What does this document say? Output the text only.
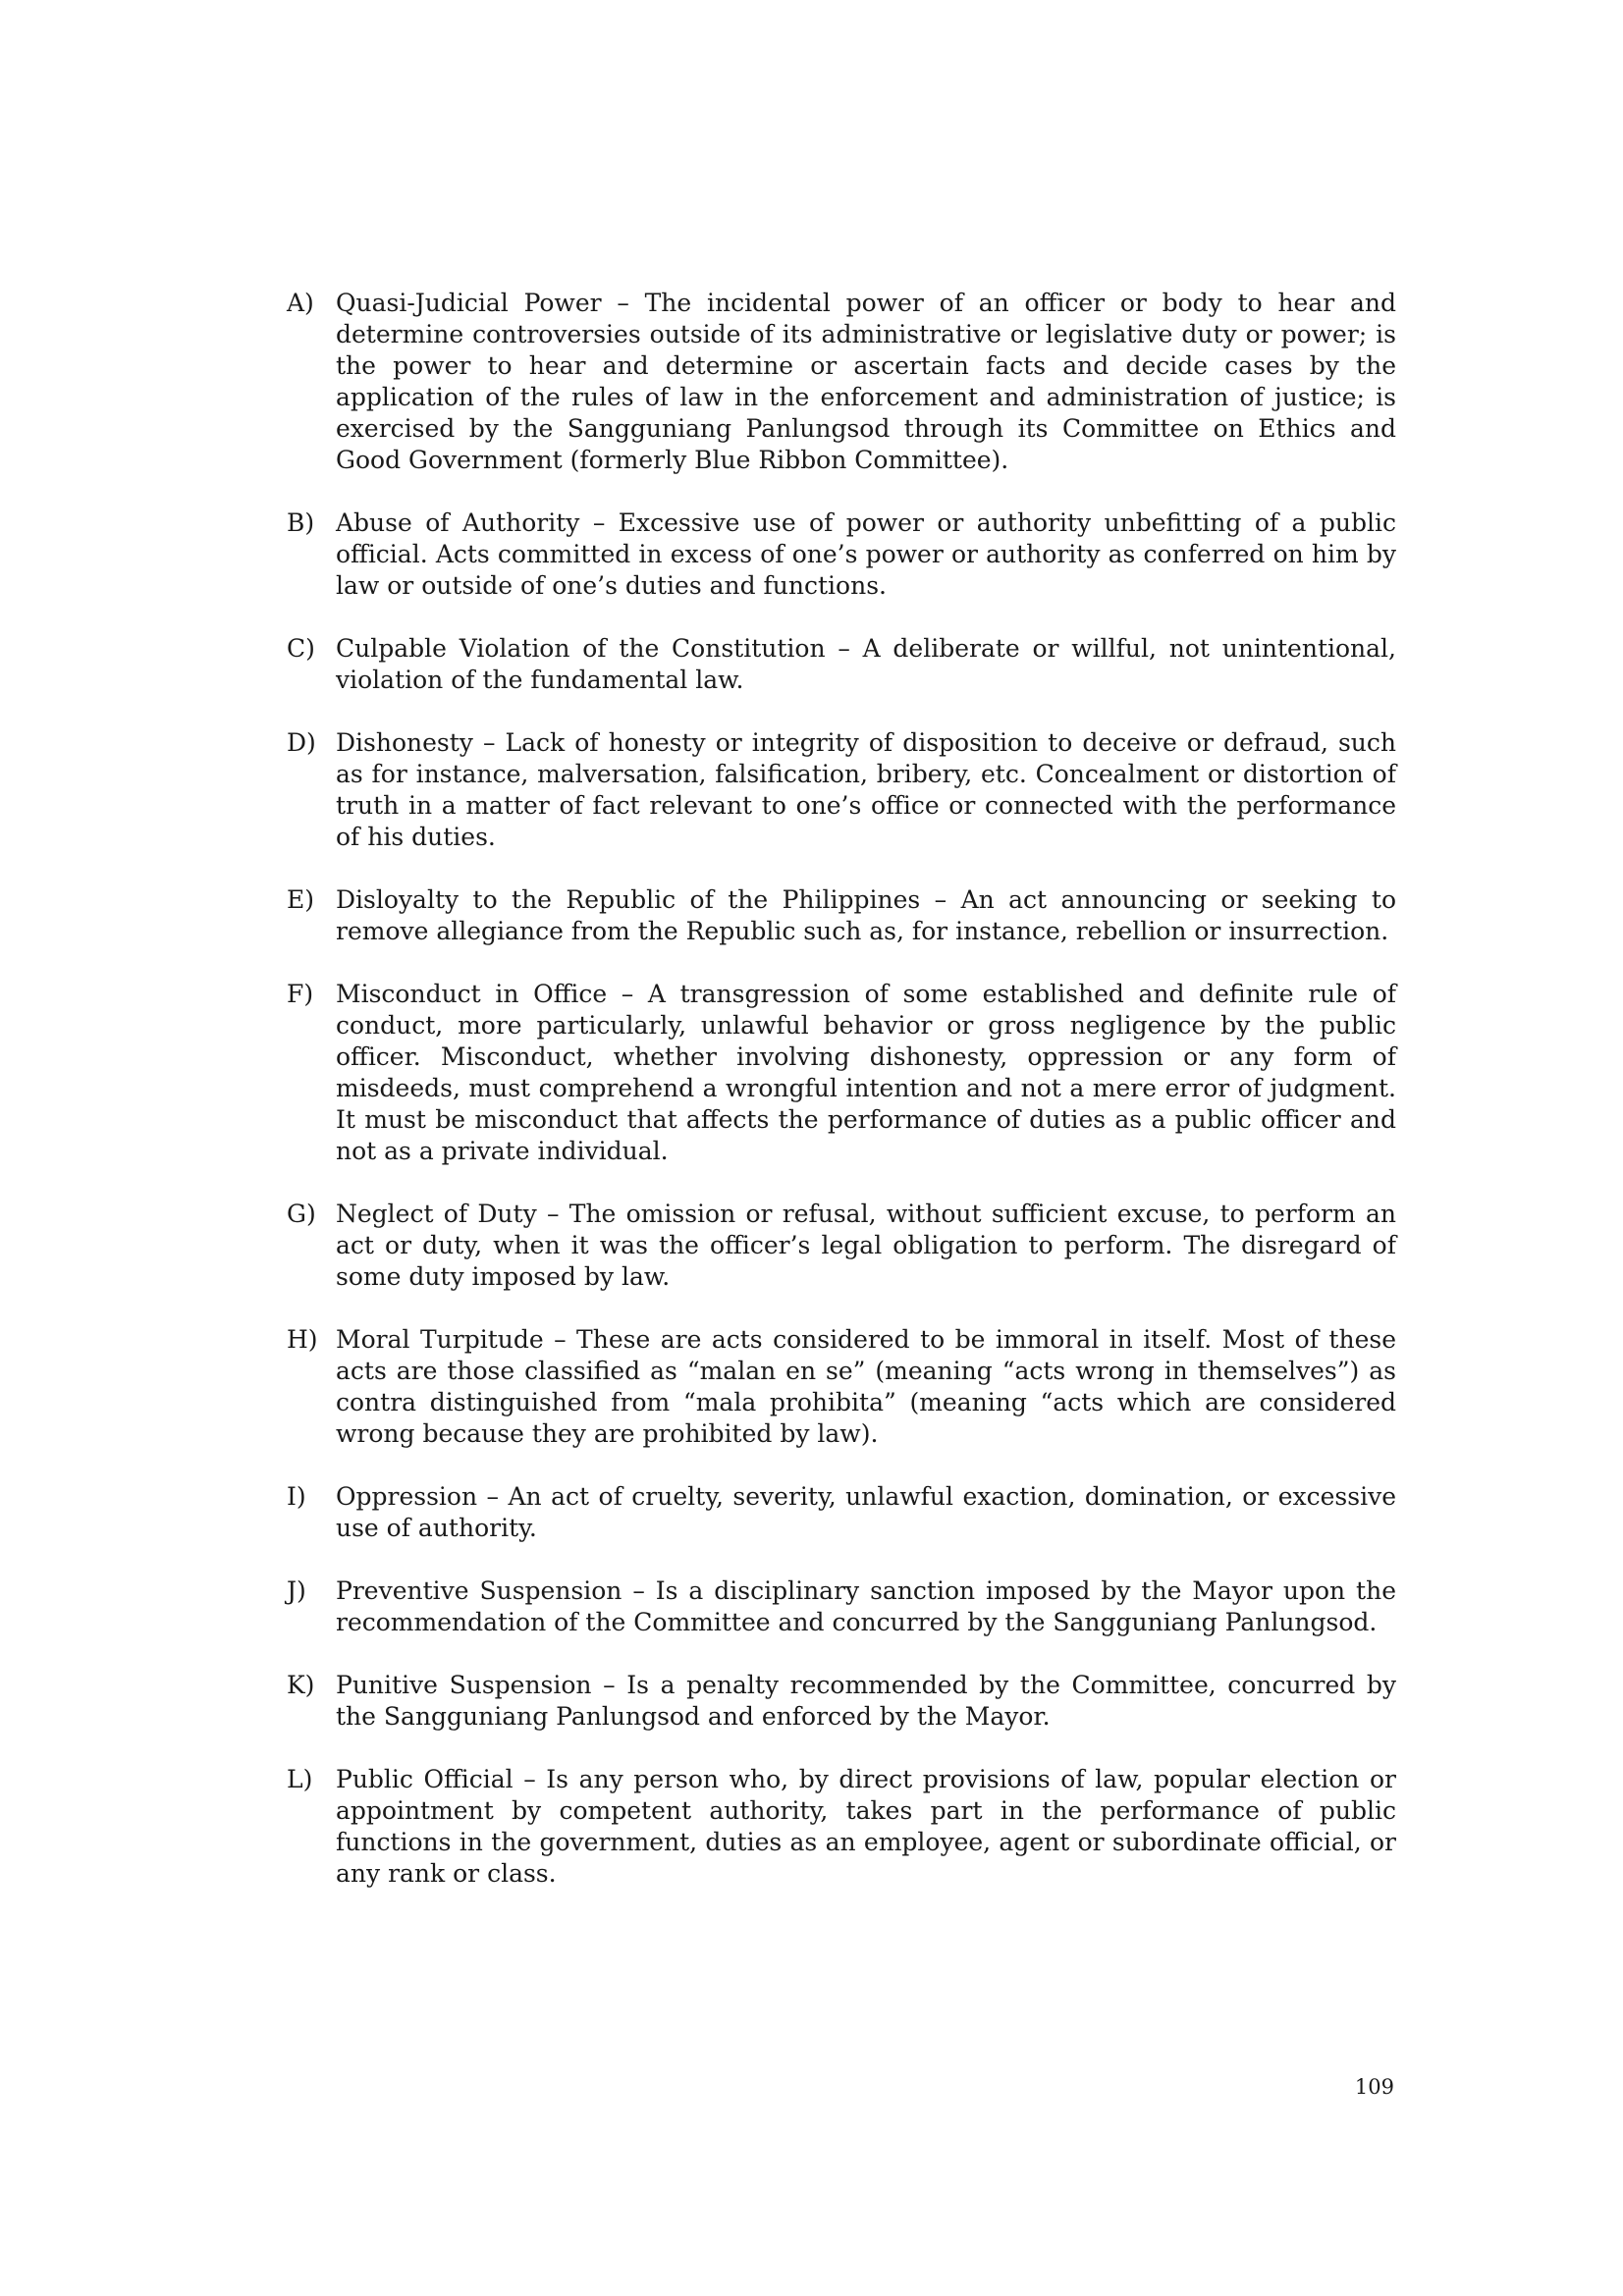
A) Quasi-Judicial Power – The incidental power of an officer or body to hear and determine controversies outside of its administrative or legislative duty or power; is the power to hear and determine or ascertain facts and decide cases by the application of the rules of law in the enforcement and administration of justice; is exercised by the Sangguniang Panlungsod through its Committee on Ethics and Good Government (formerly Blue Ribbon Committee).
B) Abuse of Authority – Excessive use of power or authority unbefitting of a public official. Acts committed in excess of one’s power or authority as conferred on him by law or outside of one’s duties and functions.
C) Culpable Violation of the Constitution – A deliberate or willful, not unintentional, violation of the fundamental law.
D) Dishonesty – Lack of honesty or integrity of disposition to deceive or defraud, such as for instance, malversation, falsification, bribery, etc. Concealment or distortion of truth in a matter of fact relevant to one’s office or connected with the performance of his duties.
E) Disloyalty to the Republic of the Philippines – An act announcing or seeking to remove allegiance from the Republic such as, for instance, rebellion or insurrection.
F) Misconduct in Office – A transgression of some established and definite rule of conduct, more particularly, unlawful behavior or gross negligence by the public officer. Misconduct, whether involving dishonesty, oppression or any form of misdeeds, must comprehend a wrongful intention and not a mere error of judgment. It must be misconduct that affects the performance of duties as a public officer and not as a private individual.
G) Neglect of Duty – The omission or refusal, without sufficient excuse, to perform an act or duty, when it was the officer’s legal obligation to perform. The disregard of some duty imposed by law.
H) Moral Turpitude – These are acts considered to be immoral in itself. Most of these acts are those classified as “malan en se” (meaning “acts wrong in themselves”) as contra distinguished from “mala prohibita” (meaning “acts which are considered wrong because they are prohibited by law).
I)	Oppression – An act of cruelty, severity, unlawful exaction, domination, or excessive use of authority.
J)	Preventive Suspension – Is a disciplinary sanction imposed by the Mayor upon the recommendation of the Committee and concurred by the Sangguniang Panlungsod.
K) Punitive Suspension – Is a penalty recommended by the Committee, concurred by the Sangguniang Panlungsod and enforced by the Mayor.
L) Public Official – Is any person who, by direct provisions of law, popular election or appointment by competent authority, takes part in the performance of public functions in the government, duties as an employee, agent or subordinate official, or any rank or class.
109
